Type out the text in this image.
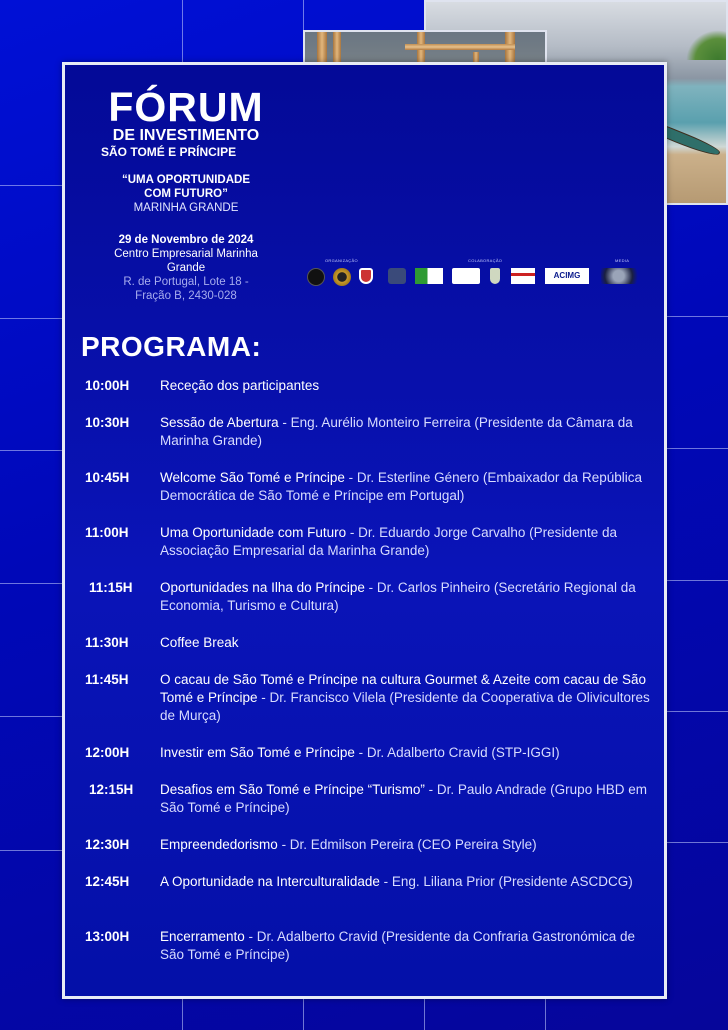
FÓRUM
DE INVESTIMENTO
SÃO TOMÉ E PRÍNCIPE
“UMA OPORTUNIDADE
COM FUTURO”
MARINHA GRANDE
29 de Novembro de 2024
Centro Empresarial Marinha
Grande
R. de Portugal, Lote 18 -
Fração B, 2430-028
ORGANIZAÇÃO	COLABORAÇÃO	MEDIA
ACIMG
PROGRAMA:
10:00H	Receção dos participantes
10:30H	Sessão de Abertura - Eng. Aurélio Monteiro Ferreira (Presidente da Câmara da Marinha Grande)
10:45H	Welcome São Tomé e Príncipe - Dr. Esterline Género (Embaixador da República Democrática de São Tomé e Príncipe em Portugal)
11:00H	Uma Oportunidade com Futuro - Dr. Eduardo Jorge Carvalho (Presidente da Associação Empresarial da Marinha Grande)
11:15H	Oportunidades na Ilha do Príncipe - Dr. Carlos Pinheiro (Secretário Regional da Economia, Turismo e Cultura)
11:30H	Coffee Break
11:45H	O cacau de São Tomé e Príncipe na cultura Gourmet & Azeite com cacau de São Tomé e Príncipe - Dr. Francisco Vilela (Presidente da Cooperativa de Olivicultores de Murça)
12:00H	Investir em São Tomé e Príncipe - Dr. Adalberto Cravid (STP-IGGI)
12:15H	Desafios em São Tomé e Príncipe “Turismo” - Dr. Paulo Andrade (Grupo HBD em São Tomé e Príncipe)
12:30H	Empreendedorismo - Dr. Edmilson Pereira (CEO Pereira Style)
12:45H	A Oportunidade na Interculturalidade - Eng. Liliana Prior (Presidente ASCDCG)
13:00H	Encerramento - Dr. Adalberto Cravid (Presidente da Confraria Gastronómica de São Tomé e Príncipe)
